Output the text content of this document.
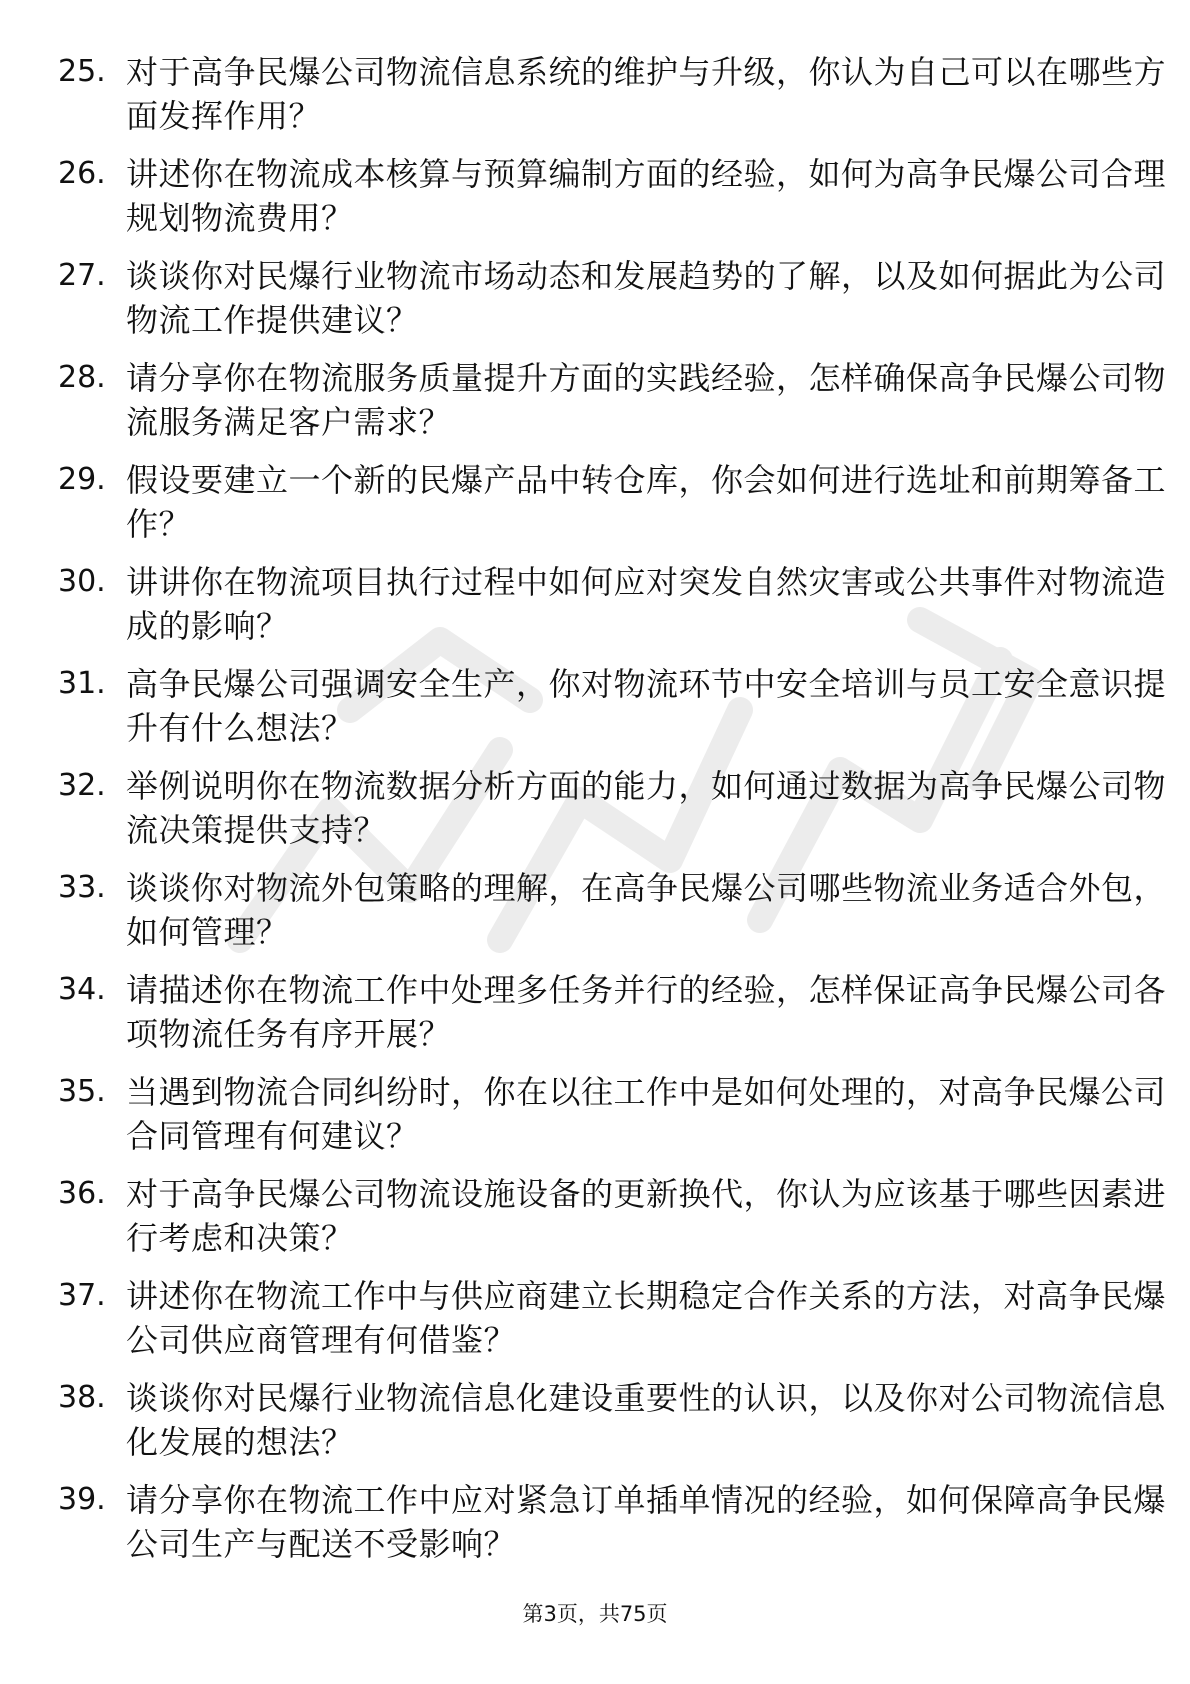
25. 对于高争民爆公司物流信息系统的维护与升级，你认为自己可以在哪些方面发挥作用？
26. 讲述你在物流成本核算与预算编制方面的经验，如何为高争民爆公司合理规划物流费用？
27. 谈谈你对民爆行业物流市场动态和发展趋势的了解，以及如何据此为公司物流工作提供建议？
28. 请分享你在物流服务质量提升方面的实践经验，怎样确保高争民爆公司物流服务满足客户需求？
29. 假设要建立一个新的民爆产品中转仓库，你会如何进行选址和前期筹备工作？
30. 讲讲你在物流项目执行过程中如何应对突发自然灾害或公共事件对物流造成的影响？
31. 高争民爆公司强调安全生产，你对物流环节中安全培训与员工安全意识提升有什么想法？
32. 举例说明你在物流数据分析方面的能力，如何通过数据为高争民爆公司物流决策提供支持？
33. 谈谈你对物流外包策略的理解，在高争民爆公司哪些物流业务适合外包，如何管理？
34. 请描述你在物流工作中处理多任务并行的经验，怎样保证高争民爆公司各项物流任务有序开展？
35. 当遇到物流合同纠纷时，你在以往工作中是如何处理的，对高争民爆公司合同管理有何建议？
36. 对于高争民爆公司物流设施设备的更新换代，你认为应该基于哪些因素进行考虑和决策？
37. 讲述你在物流工作中与供应商建立长期稳定合作关系的方法，对高争民爆公司供应商管理有何借鉴？
38. 谈谈你对民爆行业物流信息化建设重要性的认识，以及你对公司物流信息化发展的想法？
39. 请分享你在物流工作中应对紧急订单插单情况的经验，如何保障高争民爆公司生产与配送不受影响？
第3页，共75页
